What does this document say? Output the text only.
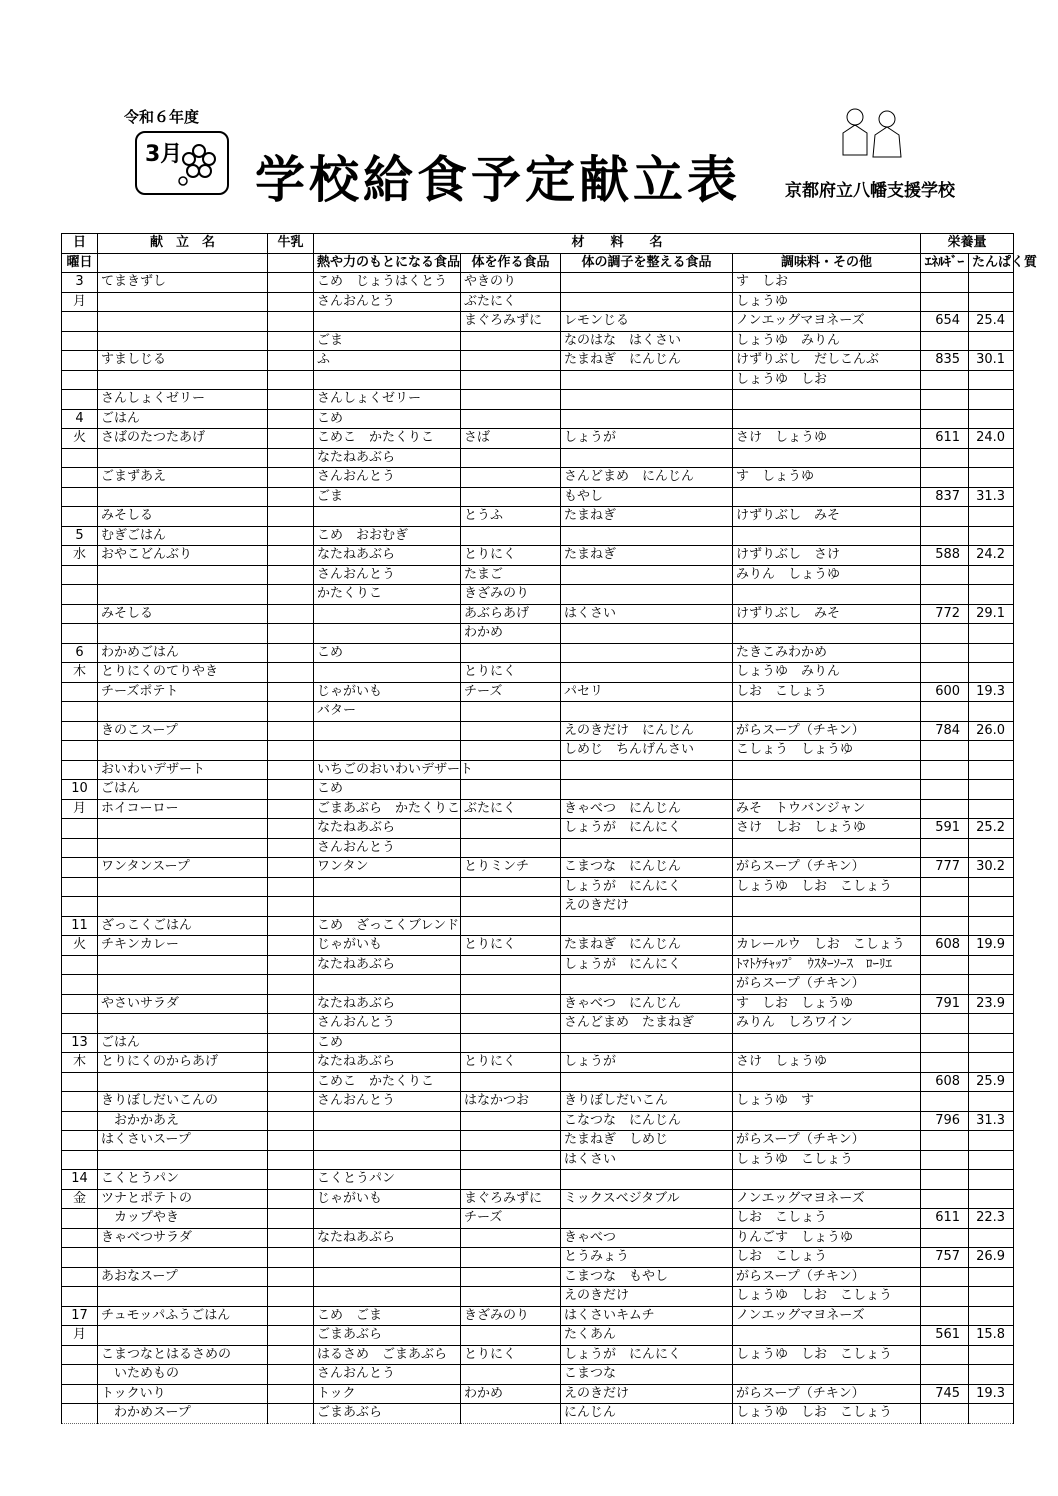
令和６年度
3月 学校給食予定献立表	京都府立八幡支援学校
日	献　立　名	牛乳	材　　料　　名				栄養量	
曜日			熱や力のもとになる食品	体を作る食品	体の調子を整える食品	調味料・その他	ｴﾈﾙｷﾞｰ	たんぱく質
3	てまきずし		こめ　じょうはくとう	やきのり		す　しお		
月			さんおんとう	ぶたにく		しょうゆ		
				まぐろみずに	レモンじる	ノンエッグマヨネーズ	654	25.4
			ごま		なのはな　はくさい	しょうゆ　みりん		
	すましじる		ふ		たまねぎ　にんじん	けずりぶし　だしこんぶ	835	30.1
						しょうゆ　しお		
	さんしょくゼリー		さんしょくゼリー					
4	ごはん		こめ					
火	さばのたつたあげ		こめこ　かたくりこ	さば	しょうが	さけ　しょうゆ	611	24.0
			なたねあぶら					
	ごまずあえ		さんおんとう		さんどまめ　にんじん	す　しょうゆ		
			ごま		もやし		837	31.3
	みそしる			とうふ	たまねぎ	けずりぶし　みそ		
5	むぎごはん		こめ　おおむぎ					
水	おやこどんぶり		なたねあぶら	とりにく	たまねぎ	けずりぶし　さけ	588	24.2
			さんおんとう	たまご		みりん　しょうゆ		
			かたくりこ	きざみのり				
	みそしる			あぶらあげ	はくさい	けずりぶし　みそ	772	29.1
				わかめ				
6	わかめごはん		こめ			たきこみわかめ		
木	とりにくのてりやき			とりにく		しょうゆ　みりん		
	チーズポテト		じゃがいも	チーズ	パセリ	しお　こしょう	600	19.3
			バター					
	きのこスープ				えのきだけ　にんじん	がらスープ（チキン）	784	26.0
					しめじ　ちんげんさい	こしょう　しょうゆ		
	おいわいデザート		いちごのおいわいデザート					
10	ごはん		こめ					
月	ホイコーロー		ごまあぶら　かたくりこ	ぶたにく	きゃべつ　にんじん	みそ　トウバンジャン		
			なたねあぶら		しょうが　にんにく	さけ　しお　しょうゆ	591	25.2
			さんおんとう					
	ワンタンスープ		ワンタン	とりミンチ	こまつな　にんじん	がらスープ（チキン）	777	30.2
					しょうが　にんにく	しょうゆ　しお　こしょう		
					えのきだけ			
11	ざっこくごはん		こめ　ざっこくブレンド					
火	チキンカレー		じゃがいも	とりにく	たまねぎ　にんじん	カレールウ　しお　こしょう	608	19.9
			なたねあぶら		しょうが　にんにく	ﾄﾏﾄｹﾁｬｯﾌﾟ　ｳｽﾀｰｿｰｽ　ﾛｰﾘｴ		
						がらスープ（チキン）		
	やさいサラダ		なたねあぶら		きゃべつ　にんじん	す　しお　しょうゆ	791	23.9
			さんおんとう		さんどまめ　たまねぎ	みりん　しろワイン		
13	ごはん		こめ					
木	とりにくのからあげ		なたねあぶら	とりにく	しょうが	さけ　しょうゆ		
			こめこ　かたくりこ				608	25.9
	きりぼしだいこんの		さんおんとう	はなかつお	きりぼしだいこん	しょうゆ　す		
	　おかかあえ				こなつな　にんじん		796	31.3
	はくさいスープ				たまねぎ　しめじ	がらスープ（チキン）		
					はくさい	しょうゆ　こしょう		
14	こくとうパン		こくとうパン					
金	ツナとポテトの		じゃがいも	まぐろみずに	ミックスベジタブル	ノンエッグマヨネーズ		
	　カップやき			チーズ		しお　こしょう	611	22.3
	きゃべつサラダ		なたねあぶら		きゃべつ	りんごす　しょうゆ		
					とうみょう	しお　こしょう	757	26.9
	あおなスープ				こまつな　もやし	がらスープ（チキン）		
					えのきだけ	しょうゆ　しお　こしょう		
17	チュモッパふうごはん		こめ　ごま	きざみのり	はくさいキムチ	ノンエッグマヨネーズ		
月			ごまあぶら		たくあん		561	15.8
	こまつなとはるさめの		はるさめ　ごまあぶら	とりにく	しょうが　にんにく	しょうゆ　しお　こしょう		
	　いためもの		さんおんとう		こまつな			
	トックいり		トック	わかめ	えのきだけ	がらスープ（チキン）	745	19.3
	　わかめスープ		ごまあぶら		にんじん	しょうゆ　しお　こしょう		
